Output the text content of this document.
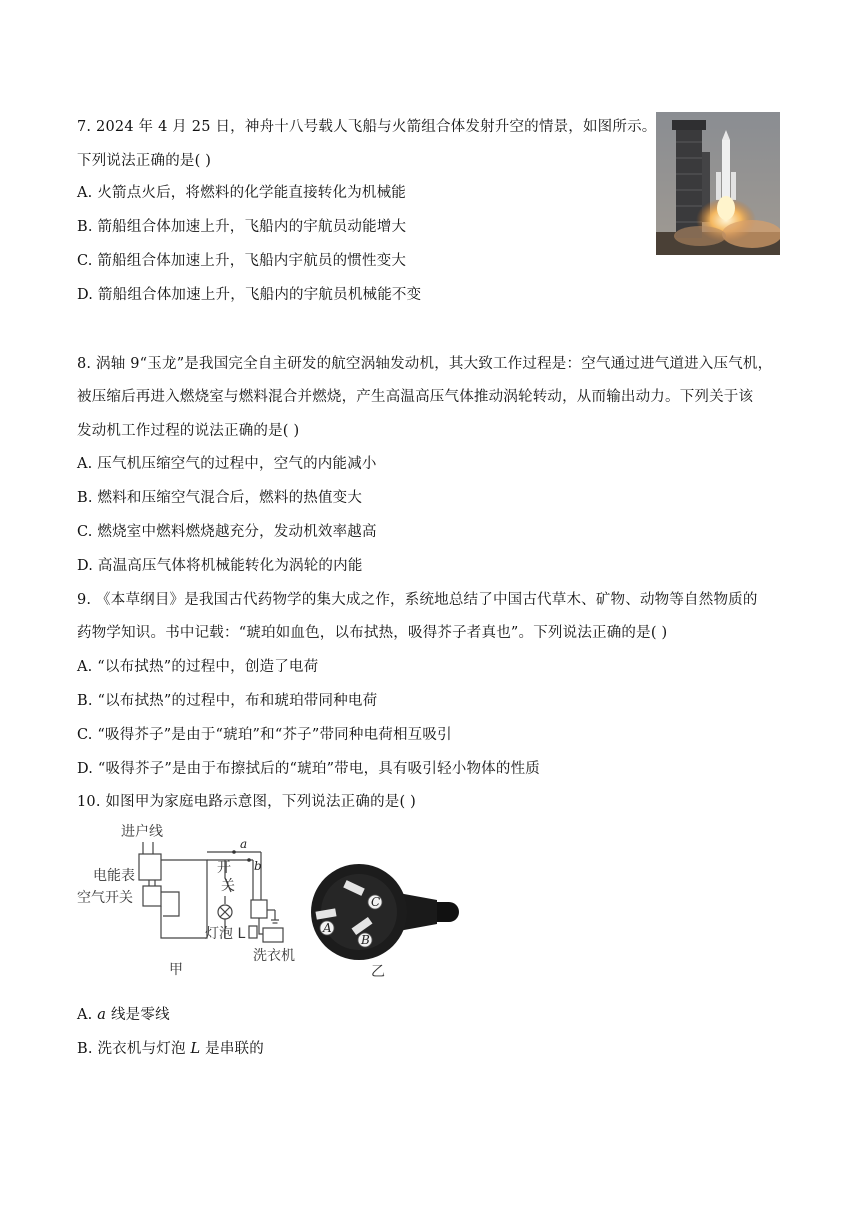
7. 2024 年 4 月 25 日，神舟十八号载人飞船与火箭组合体发射升空的情景，如图所示。
下列说法正确的是( )
A. 火箭点火后，将燃料的化学能直接转化为机械能
B. 箭船组合体加速上升，飞船内的宇航员动能增大
C. 箭船组合体加速上升，飞船内宇航员的惯性变大
D. 箭船组合体加速上升，飞船内的宇航员机械能不变
8. 涡轴 9“玉龙”是我国完全自主研发的航空涡轴发动机，其大致工作过程是：空气通过进气道进入压气机，
被压缩后再进入燃烧室与燃料混合并燃烧，产生高温高压气体推动涡轮转动，从而输出动力。下列关于该
发动机工作过程的说法正确的是( )
A. 压气机压缩空气的过程中，空气的内能减小
B. 燃料和压缩空气混合后，燃料的热值变大
C. 燃烧室中燃料燃烧越充分，发动机效率越高
D. 高温高压气体将机械能转化为涡轮的内能
9. 《本草纲目》是我国古代药物学的集大成之作，系统地总结了中国古代草木、矿物、动物等自然物质的
药物学知识。书中记载：“琥珀如血色，以布拭热，吸得芥子者真也”。下列说法正确的是( )
A. “以布拭热”的过程中，创造了电荷
B. “以布拭热”的过程中，布和琥珀带同种电荷
C. “吸得芥子”是由于“琥珀”和“芥子”带同种电荷相互吸引
D. “吸得芥子”是由于布擦拭后的“琥珀”带电，具有吸引轻小物体的性质
10. 如图甲为家庭电路示意图，下列说法正确的是( )
进户线
电能表
空气开关
开
关
灯泡 L
洗衣机
a
b
甲
A
B
C
乙
A. a 线是零线
B. 洗衣机与灯泡 L 是串联的
